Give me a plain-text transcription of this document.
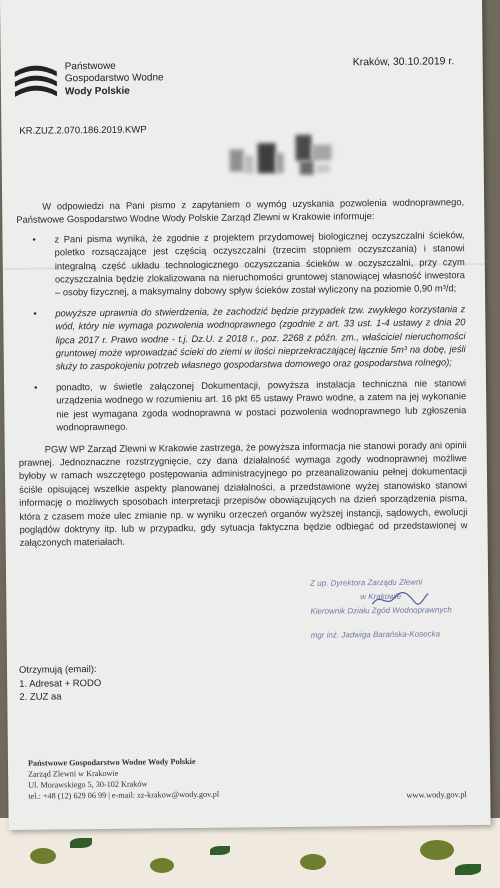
Państwowe
Gospodarstwo Wodne
Wody Polskie
Kraków, 30.10.2019 r.
KR.ZUZ.2.070.186.2019.KWP

W odpowiedzi na Pani pismo z zapytaniem o wymóg uzyskania pozwolenia wodnoprawnego, Państwowe Gospodarstwo Wodne Wody Polskie Zarząd Zlewni w Krakowie informuje:

• z Pani pisma wynika, że zgodnie z projektem przydomowej biologicznej oczyszczalni ścieków, poletko rozsączające jest częścią oczyszczalni (trzecim stopniem oczyszczania) i stanowi integralną część układu technologicznego oczyszczania ścieków w oczyszczalni, przy czym oczyszczalnia będzie zlokalizowana na nieruchomości gruntowej stanowiącej własność inwestora – osoby fizycznej, a maksymalny dobowy spływ ścieków został wyliczony na poziomie 0,90 m³/d;
• powyższe uprawnia do stwierdzenia, że zachodzić będzie przypadek tzw. zwykłego korzystania z wód, który nie wymaga pozwolenia wodnoprawnego (zgodnie z art. 33 ust. 1-4 ustawy z dnia 20 lipca 2017 r. Prawo wodne - t.j. Dz.U. z 2018 r., poz. 2268 z późn. zm., właściciel nieruchomości gruntowej może wprowadzać ścieki do ziemi w ilości nieprzekraczającej łącznie 5m³ na dobę, jeśli służy to zaspokojeniu potrzeb własnego gospodarstwa domowego oraz gospodarstwa rolnego);
• ponadto, w świetle załączonej Dokumentacji, powyższa instalacja techniczna nie stanowi urządzenia wodnego w rozumieniu art. 16 pkt 65 ustawy Prawo wodne, a zatem na jej wykonanie nie jest wymagana zgoda wodnoprawna w postaci pozwolenia wodnoprawnego lub zgłoszenia wodnoprawnego.

PGW WP Zarząd Zlewni w Krakowie zastrzega, że powyższa informacja nie stanowi porady ani opinii prawnej. Jednoznaczne rozstrzygnięcie, czy dana działalność wymaga zgody wodnoprawnej możliwe byłoby w ramach wszczętego postępowania administracyjnego po przeanalizowaniu pełnej dokumentacji ściśle opisującej wszelkie aspekty planowanej działalności, a przedstawione wyżej stanowisko stanowi informację o możliwych sposobach interpretacji przepisów obowiązujących na dzień sporządzenia pisma, która z czasem może ulec zmianie np. w wyniku orzeczeń organów wyższej instancji, sądowych, ewolucji poglądów doktryny itp. lub w przypadku, gdy sytuacja faktyczna będzie odbiegać od przedstawionej w załączonych materiałach.

Z up. Dyrektora Zarządu Zlewni
w Krakowie
Kierownik Działu Zgód Wodnoprawnych
mgr inż. Jadwiga Barańska-Kosecka
Otrzymują (email):
1. Adresat + RODO
2. ZUZ aa
Państwowe Gospodarstwo Wodne Wody Polskie
Zarząd Zlewni w Krakowie
Ul. Morawskiego 5, 30-102 Kraków
tel.: +48 (12) 629 06 99 | e-mail: zz-krakow@wody.gov.pl	www.wody.gov.pl
